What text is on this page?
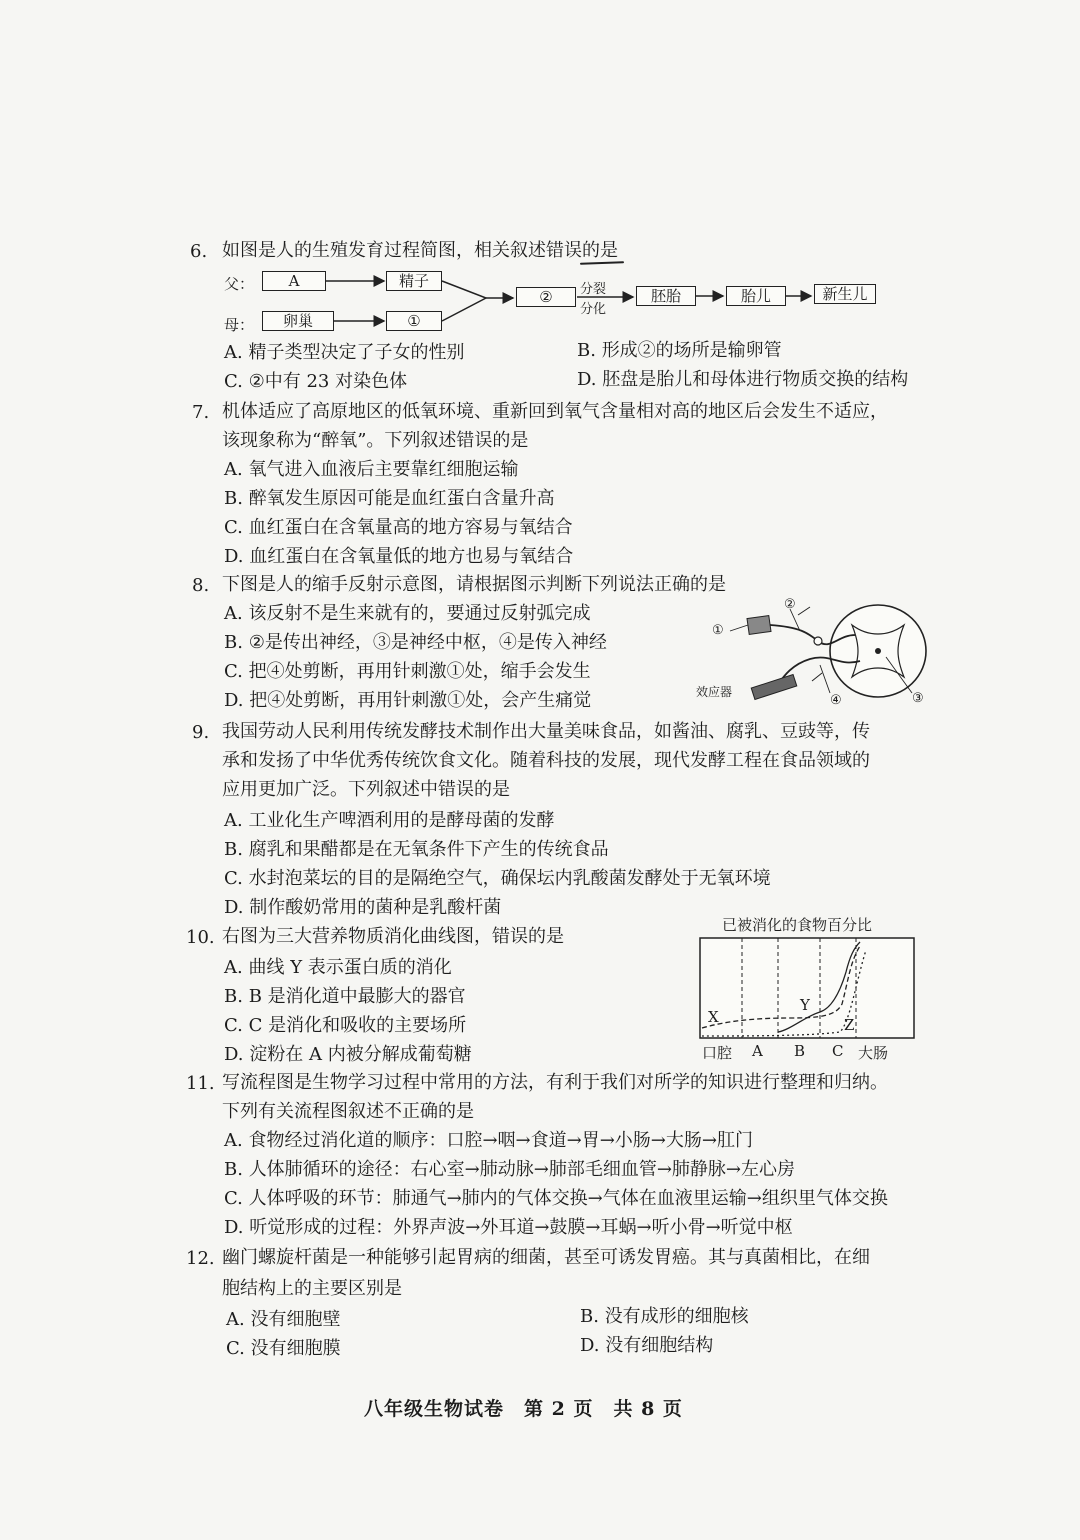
6. 如图是人的生殖发育过程简图，相关叙述错误的是
父：
母：
A	精子
卵巢	①
②	分裂
分化
胚胎	胎儿	新生儿
A. 精子类型决定了子女的性别	B. 形成②的场所是输卵管
C. ②中有 23 对染色体	D. 胚盘是胎儿和母体进行物质交换的结构
7. 机体适应了高原地区的低氧环境、重新回到氧气含量相对高的地区后会发生不适应，
该现象称为“醉氧”。下列叙述错误的是
A. 氧气进入血液后主要靠红细胞运输
B. 醉氧发生原因可能是血红蛋白含量升高
C. 血红蛋白在含氧量高的地方容易与氧结合
D. 血红蛋白在含氧量低的地方也易与氧结合
8. 下图是人的缩手反射示意图，请根据图示判断下列说法正确的是
A. 该反射不是生来就有的，要通过反射弧完成
B. ②是传出神经，③是神经中枢，④是传入神经
C. 把④处剪断，再用针刺激①处，缩手会发生
D. 把④处剪断，再用针刺激①处，会产生痛觉
①
②
③
④
效应器
9. 我国劳动人民利用传统发酵技术制作出大量美味食品，如酱油、腐乳、豆豉等，传
承和发扬了中华优秀传统饮食文化。随着科技的发展，现代发酵工程在食品领域的
应用更加广泛。下列叙述中错误的是
A. 工业化生产啤酒利用的是酵母菌的发酵
B. 腐乳和果醋都是在无氧条件下产生的传统食品
C. 水封泡菜坛的目的是隔绝空气，确保坛内乳酸菌发酵处于无氧环境
D. 制作酸奶常用的菌种是乳酸杆菌
10. 右图为三大营养物质消化曲线图，错误的是
A. 曲线 Y 表示蛋白质的消化
B. B 是消化道中最膨大的器官
C. C 是消化和吸收的主要场所
D. 淀粉在 A 内被分解成葡萄糖
已被消化的食物百分比
X
Y
Z
口腔 A B C 大肠
11. 写流程图是生物学习过程中常用的方法，有利于我们对所学的知识进行整理和归纳。
下列有关流程图叙述不正确的是
A. 食物经过消化道的顺序：口腔→咽→食道→胃→小肠→大肠→肛门
B. 人体肺循环的途径：右心室→肺动脉→肺部毛细血管→肺静脉→左心房
C. 人体呼吸的环节：肺通气→肺内的气体交换→气体在血液里运输→组织里气体交换
D. 听觉形成的过程：外界声波→外耳道→鼓膜→耳蜗→听小骨→听觉中枢
12. 幽门螺旋杆菌是一种能够引起胃病的细菌，甚至可诱发胃癌。其与真菌相比，在细
胞结构上的主要区别是
A. 没有细胞壁	B. 没有成形的细胞核
C. 没有细胞膜	D. 没有细胞结构
八年级生物试卷　第 2 页　共 8 页
